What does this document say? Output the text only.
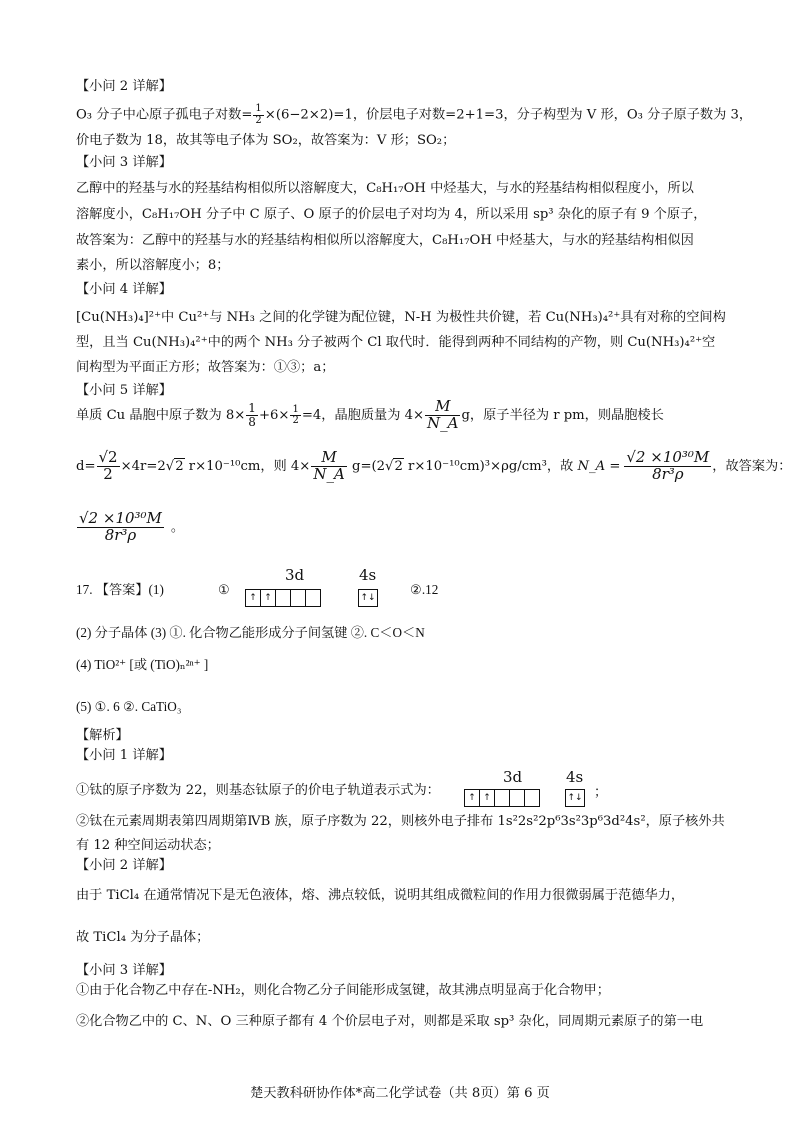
【小问 2 详解】
O₃ 分子中心原子孤电子对数= $\frac{1}{2} \times(6-2\times 2)=1$，价层电子对数=2+1=3，分子构型为 V 形，O₃ 分子原子数为 3，
价电子数为 18，故其等电子体为 SO₂，故答案为：V 形；SO₂；
【小问 3 详解】
乙醇中的羟基与水的羟基结构相似所以溶解度大，C₈H₁₇OH 中烃基大，与水的羟基结构相似程度小，所以
溶解度小，C₈H₁₇OH 分子中 C 原子、O 原子的价层电子对均为 4，所以采用 sp³ 杂化的原子有 9 个原子，
故答案为：乙醇中的羟基与水的羟基结构相似所以溶解度大，C₈H₁₇OH 中烃基大，与水的羟基结构相似因
素小，所以溶解度小；8；
【小问 4 详解】
[Cu(NH₃)₄]²⁺中 Cu²⁺与 NH₃ 之间的化学键为配位键，N-H 为极性共价键，若 Cu(NH₃)₄²⁺具有对称的空间构
型，且当 Cu(NH₃)₄²⁺中的两个 NH₃ 分子被两个 Cl 取代时．能得到两种不同结构的产物，则 Cu(NH₃)₄²⁺空
间构型为平面正方形；故答案为：①③；a；
【小问 5 详解】
单质 Cu 晶胞中原子数为 $8\times \frac{1}{8} +6\times \frac{1}{2} =4$，晶胞质量为 $4\times \frac{M}{N\_A}$ g，原子半径为 r pm，则晶胞棱长
$d= \frac{√2}{2} \times 4r=2√2$ r×10⁻¹⁰cm，则 $4\times \frac{M}{N\_A} g=(2√2$ r×10⁻¹⁰cm)³×ρg/cm³，故 N_A = $\frac{\text{√2 ×10³⁰M}}{\text{8r³ρ}}$ ，故答案为：
$\frac{\text{√2 ×10³⁰M}}{\text{8r³ρ}}$ 。
17. 【答案】(1)	①
3d	4s
↑ ↑	↑↓
②.12
(2) 分子晶体 (3) ①. 化合物乙能形成分子间氢键 ②. C＜O＜N
(4) TiO²⁺ [或 (TiO)ₙ²ⁿ⁺ ]
(5) ①. 6 ②. CaTiO₃
【解析】
【小问 1 详解】
①钛的原子序数为 22，则基态钛原子的价电子轨道表示式为：
3d	4s
↑ ↑	↑↓ ；
②钛在元素周期表第四周期第ⅣB 族，原子序数为 22，则核外电子排布 1s²2s²2p⁶3s²3p⁶3d²4s²，原子核外共
有 12 种空间运动状态；
【小问 2 详解】
由于 TiCl₄ 在通常情况下是无色液体，熔、沸点较低，说明其组成微粒间的作用力很微弱属于范德华力，
故 TiCl₄ 为分子晶体；
【小问 3 详解】
①由于化合物乙中存在-NH₂，则化合物乙分子间能形成氢键，故其沸点明显高于化合物甲；
②化合物乙中的 C、N、O 三种原子都有 4 个价层电子对，则都是采取 sp³ 杂化，同周期元素原子的第一电
楚天教科研协作体*高二化学试卷（共 8页）第 6 页
